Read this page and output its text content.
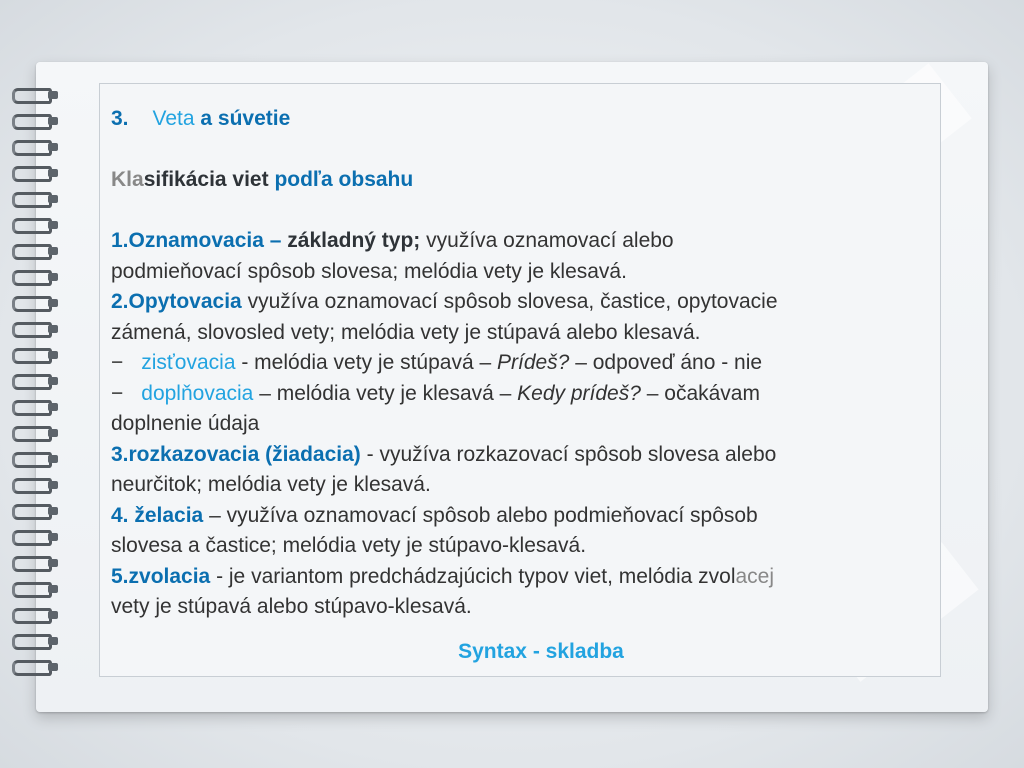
3. Veta a súvetie
Klasifikácia viet podľa obsahu
1.Oznamovacia – základný typ; využíva oznamovací alebo
podmieňovací spôsob slovesa; melódia vety je klesavá.
2.Opytovacia využíva oznamovací spôsob slovesa, častice, opytovacie
zámená, slovosled vety; melódia vety je stúpavá alebo klesavá.
− zisťovacia - melódia vety je stúpavá – Prídeš? – odpoveď áno - nie
− doplňovacia – melódia vety je klesavá – Kedy prídeš? – očakávam
doplnenie údaja
3.rozkazovacia (žiadacia) - využíva rozkazovací spôsob slovesa alebo
neurčitok; melódia vety je klesavá.
4. želacia – využíva oznamovací spôsob alebo podmieňovací spôsob
slovesa a častice; melódia vety je stúpavo-klesavá.
5.zvolacia - je variantom predchádzajúcich typov viet, melódia zvolacej
vety je stúpavá alebo stúpavo-klesavá.
Syntax - skladba
